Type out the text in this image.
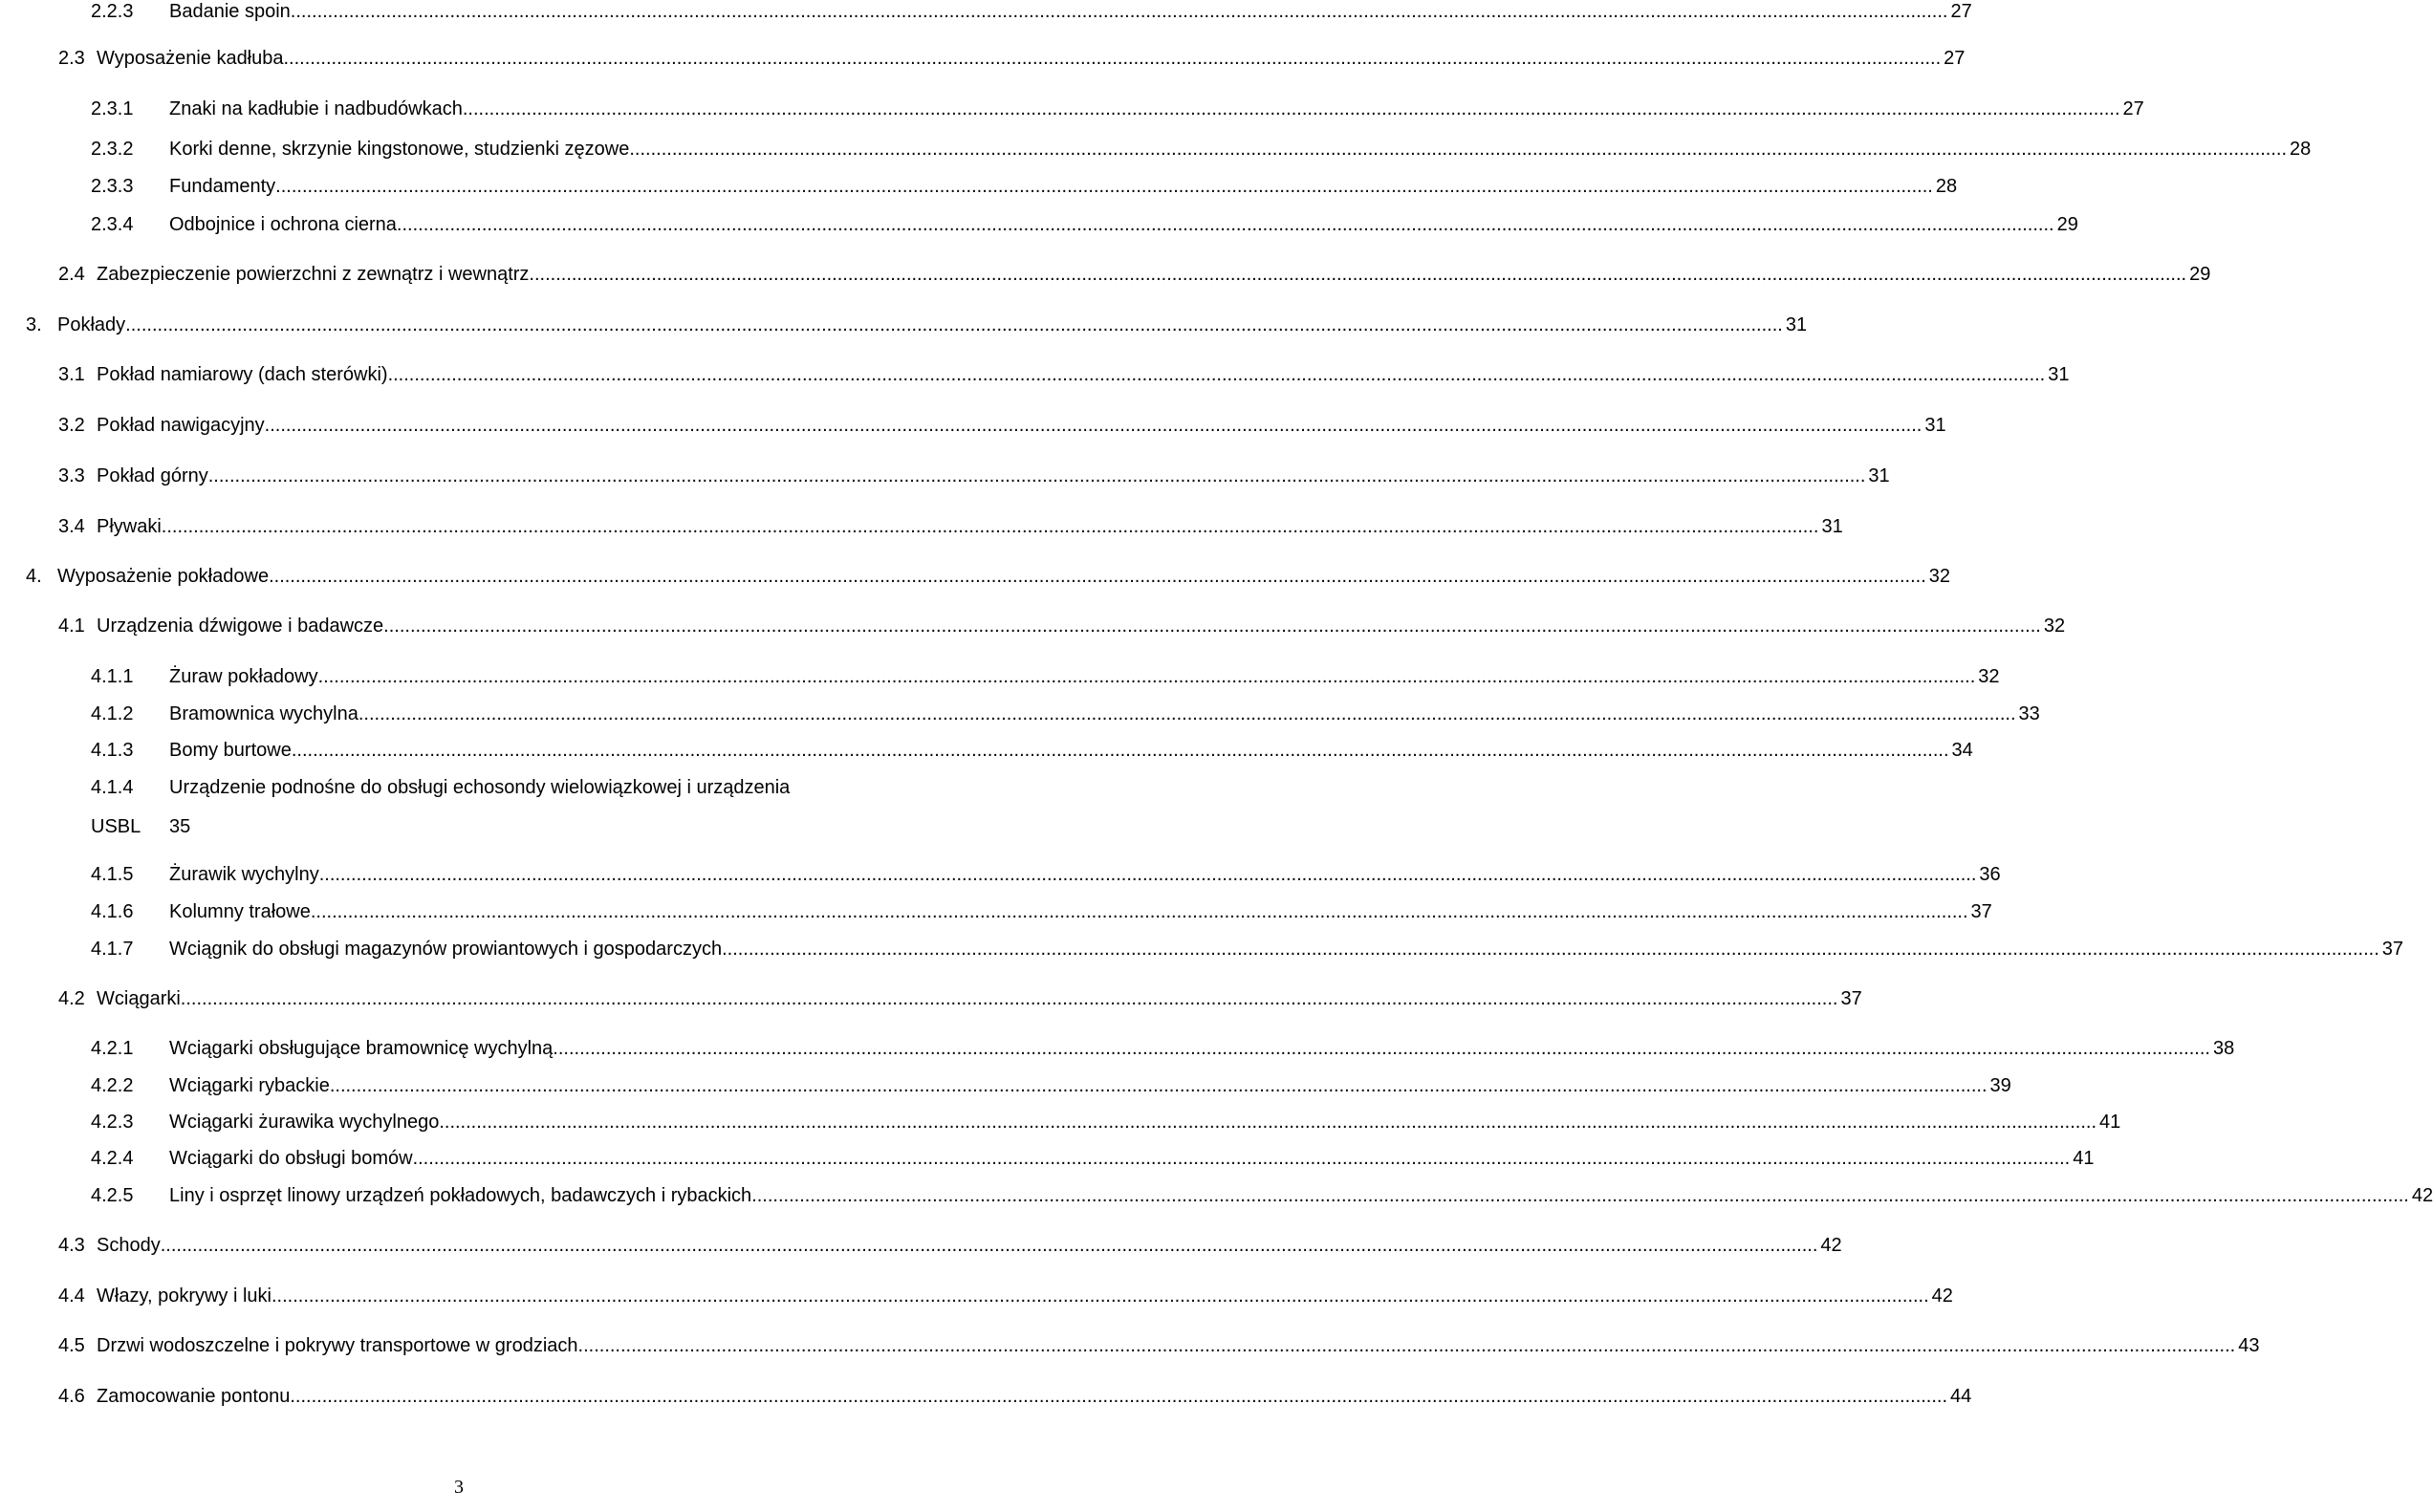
2.2.3	Badanie spoin .....	27
2.3 Wyposażenie kadłuba .....	27
2.3.1	Znaki na kadłubie i nadbudówkach .....	27
2.3.2	Korki denne, skrzynie kingstonowe, studzienki zęzowe .....	28
2.3.3	Fundamenty .....	28
2.3.4	Odbojnice i ochrona cierna .....	29
2.4 Zabezpieczenie powierzchni z zewnątrz i wewnątrz .....	29
3. Pokłady .....	31
3.1 Pokład namiarowy (dach sterówki) .....	31
3.2 Pokład nawigacyjny .....	31
3.3 Pokład górny .....	31
3.4 Pływaki .....	31
4. Wyposażenie pokładowe .....	32
4.1 Urządzenia dźwigowe i badawcze .....	32
4.1.1	Żuraw pokładowy .....	32
4.1.2	Bramownica wychylna .....	33
4.1.3	Bomy burtowe .....	34
4.1.4 Urządzenie podnośne do obsługi echosondy wielowiązkowej i urządzenia
USBL 35
4.1.5	Żurawik wychylny .....	36
4.1.6	Kolumny trałowe .....	37
4.1.7	Wciągnik do obsługi magazynów prowiantowych i gospodarczych .....	37
4.2 Wciągarki .....	37
4.2.1	Wciągarki obsługujące bramownicę wychylną .....	38
4.2.2	Wciągarki rybackie .....	39
4.2.3	Wciągarki żurawika wychylnego .....	41
4.2.4	Wciągarki do obsługi bomów .....	41
4.2.5	Liny i osprzęt linowy urządzeń pokładowych, badawczych i rybackich .....	42
4.3 Schody .....	42
4.4 Włazy, pokrywy i luki .....	42
4.5 Drzwi wodoszczelne i pokrywy transportowe w grodziach .....	43
4.6 Zamocowanie pontonu .....	44
3
